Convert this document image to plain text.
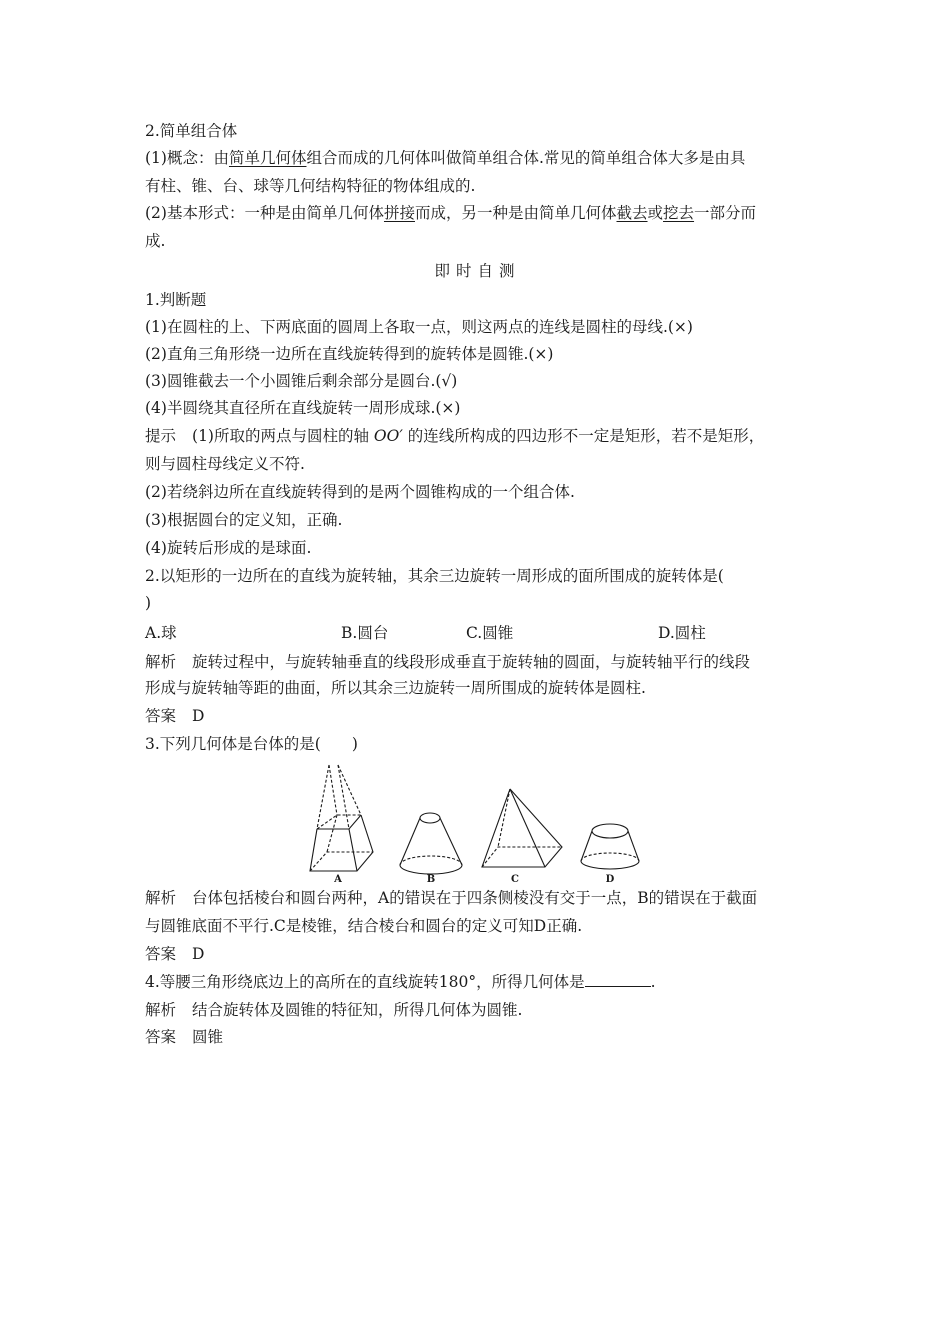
2.简单组合体
(1)概念：由简单几何体组合而成的几何体叫做简单组合体.常见的简单组合体大多是由具
有柱、锥、台、球等几何结构特征的物体组成的.
(2)基本形式：一种是由简单几何体拼接而成，另一种是由简单几何体截去或挖去一部分而
成.
即时自测
1.判断题
(1)在圆柱的上、下两底面的圆周上各取一点，则这两点的连线是圆柱的母线.(×)
(2)直角三角形绕一边所在直线旋转得到的旋转体是圆锥.(×)
(3)圆锥截去一个小圆锥后剩余部分是圆台.(√)
(4)半圆绕其直径所在直线旋转一周形成球.(×)
提示 (1)所取的两点与圆柱的轴 OO′ 的连线所构成的四边形不一定是矩形，若不是矩形，
则与圆柱母线定义不符.
(2)若绕斜边所在直线旋转得到的是两个圆锥构成的一个组合体.
(3)根据圆台的定义知，正确.
(4)旋转后形成的是球面.
2.以矩形的一边所在的直线为旋转轴，其余三边旋转一周形成的面所围成的旋转体是(
)
A.球	B.圆台	C.圆锥	D.圆柱
解析 旋转过程中，与旋转轴垂直的线段形成垂直于旋转轴的圆面，与旋转轴平行的线段
形成与旋转轴等距的曲面，所以其余三边旋转一周所围成的旋转体是圆柱.
答案 D
3.下列几何体是台体的是(　　)
A	B	C	D
解析 台体包括棱台和圆台两种，A的错误在于四条侧棱没有交于一点，B的错误在于截面
与圆锥底面不平行.C是棱锥，结合棱台和圆台的定义可知D正确.
答案 D
4.等腰三角形绕底边上的高所在的直线旋转180°，所得几何体是	.
解析 结合旋转体及圆锥的特征知，所得几何体为圆锥.
答案 圆锥
